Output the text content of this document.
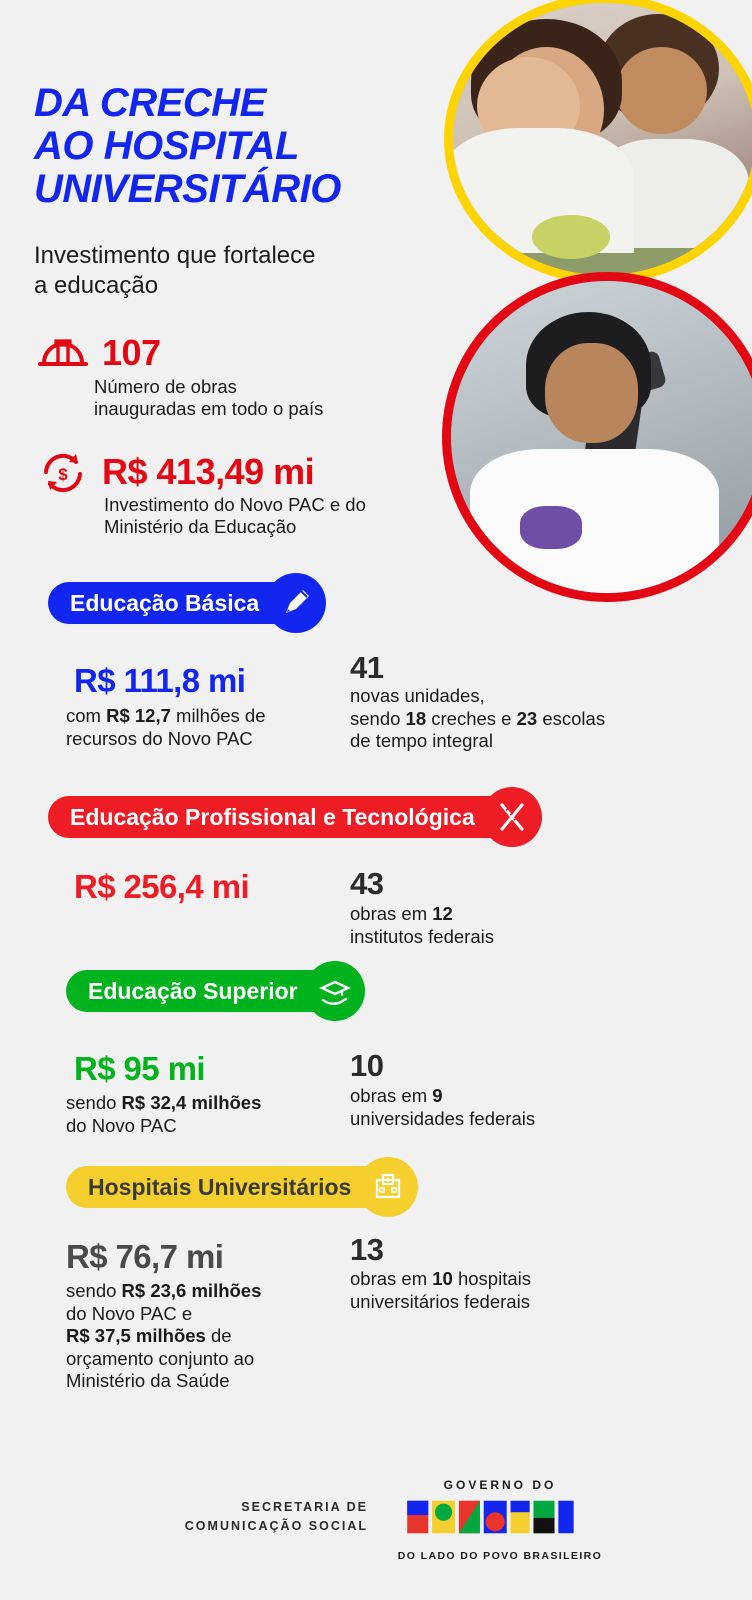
DA CRECHE
AO HOSPITAL
UNIVERSITÁRIO
Investimento que fortalece
a educação
107
Número de obras
inauguradas em todo o país
$ R$ 413,49 mi
Investimento do Novo PAC e do
Ministério da Educação
Educação Básica
R$ 111,8 mi
com R$ 12,7 milhões de
recursos do Novo PAC
41
novas unidades,
sendo 18 creches e 23 escolas
de tempo integral
Educação Profissional e Tecnológica
R$ 256,4 mi	43
obras em 12
institutos federais
Educação Superior
R$ 95 mi
sendo R$ 32,4 milhões
do Novo PAC
10
obras em 9
universidades federais
Hospitais Universitários
R$ 76,7 mi
sendo R$ 23,6 milhões
do Novo PAC e
R$ 37,5 milhões de
orçamento conjunto ao
Ministério da Saúde
13
obras em 10 hospitais
universitários federais
SECRETARIA DE
COMUNICAÇÃO SOCIAL
GOVERNO DO
DO LADO DO POVO BRASILEIRO
